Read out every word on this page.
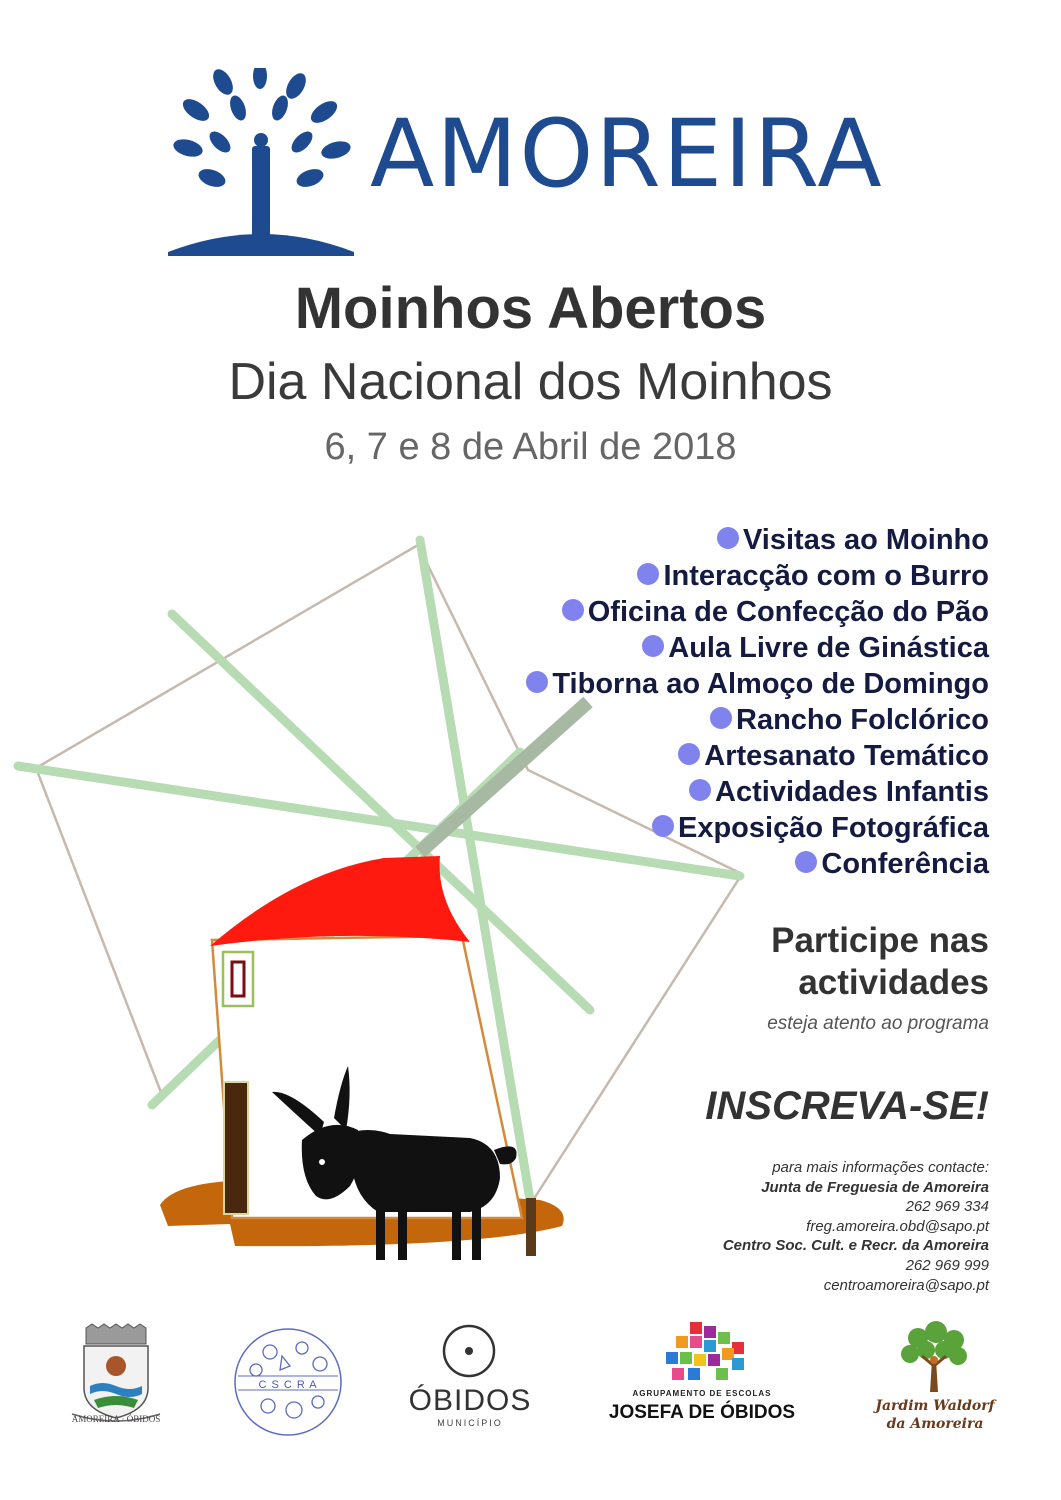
AMOREIRA
Moinhos Abertos
Dia Nacional dos Moinhos
6, 7 e 8 de Abril de 2018
Visitas ao Moinho
Interacção com o Burro
Oficina de Confecção do Pão
Aula Livre de Ginástica
Tiborna ao Almoço de Domingo
Rancho Folclórico
Artesanato Temático
Actividades Infantis
Exposição Fotográfica
Conferência
Participe nas
actividades
esteja atento ao programa
INSCREVA-SE!
para mais informações contacte:
Junta de Freguesia de Amoreira
262 969 334
freg.amoreira.obd@sapo.pt
Centro Soc. Cult. e Recr. da Amoreira
262 969 999
centroamoreira@sapo.pt
AMOREIRA · ÓBIDOS
C S C R A	ÓBIDOS
MUNICÍPIO
AGRUPAMENTO DE ESCOLAS
JOSEFA DE ÓBIDOS	Jardim Waldorf
da Amoreira
